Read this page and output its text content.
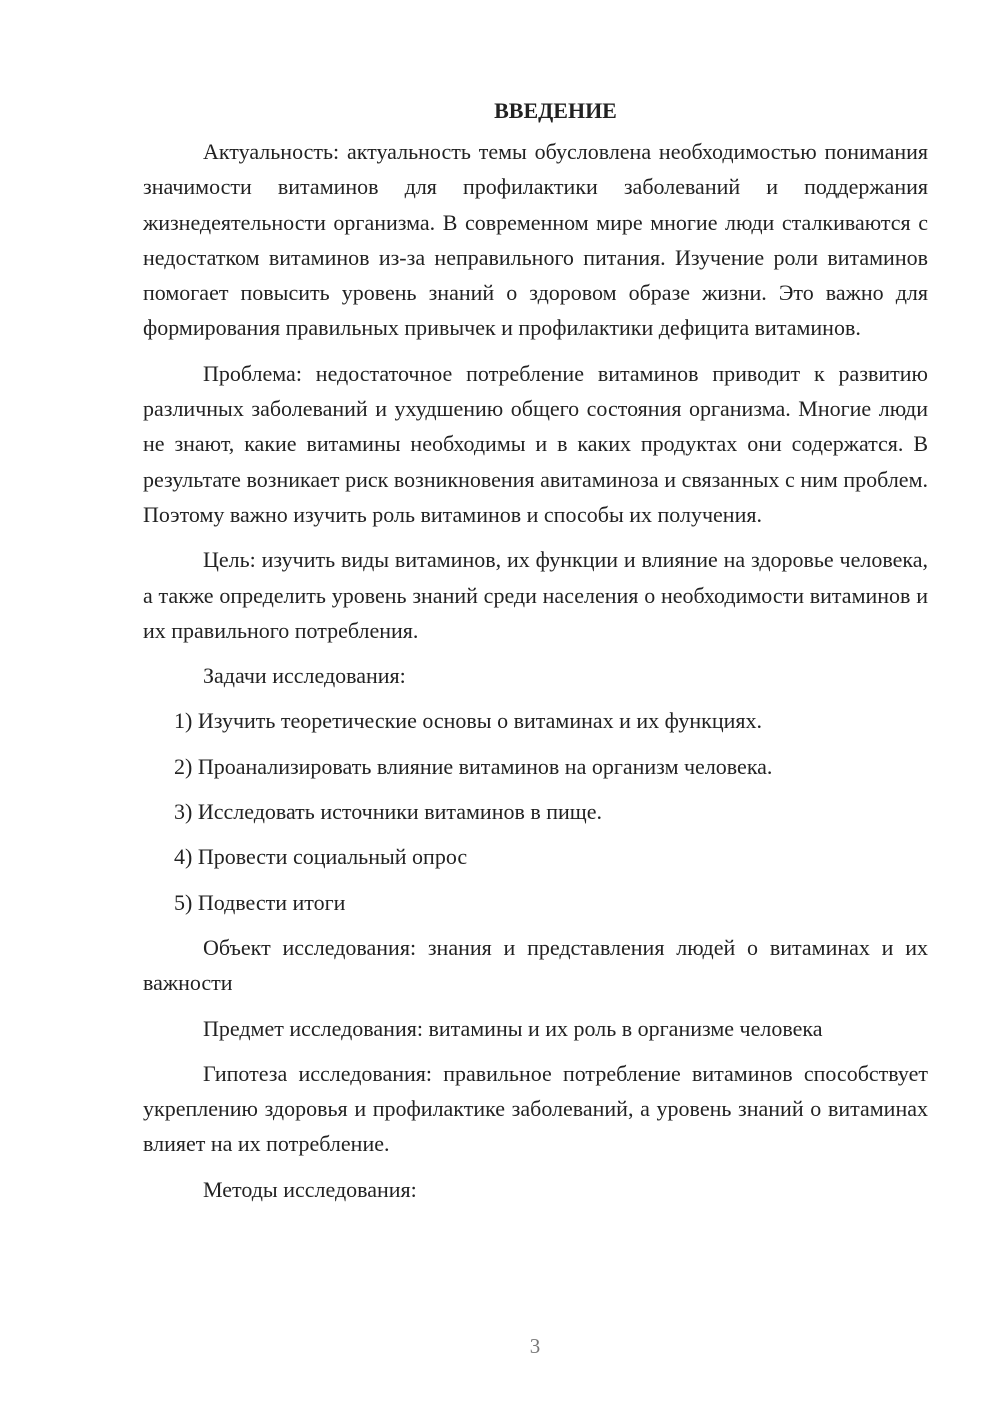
ВВЕДЕНИЕ

Актуальность: актуальность темы обусловлена необходимостью понимания значимости витаминов для профилактики заболеваний и поддержания жизнедеятельности организма. В современном мире многие люди сталкиваются с недостатком витаминов из-за неправильного питания. Изучение роли витаминов помогает повысить уровень знаний о здоровом образе жизни. Это важно для формирования правильных привычек и профилактики дефицита витаминов.

Проблема: недостаточное потребление витаминов приводит к развитию различных заболеваний и ухудшению общего состояния организма. Многие люди не знают, какие витамины необходимы и в каких продуктах они содержатся. В результате возникает риск возникновения авитаминоза и связанных с ним проблем. Поэтому важно изучить роль витаминов и способы их получения.

Цель: изучить виды витаминов, их функции и влияние на здоровье человека, а также определить уровень знаний среди населения о необходимости витаминов и их правильного потребления.

Задачи исследования:

1) Изучить теоретические основы о витаминах и их функциях.

2) Проанализировать влияние витаминов на организм человека.

3) Исследовать источники витаминов в пище.

4) Провести социальный опрос

5) Подвести итоги

Объект исследования: знания и представления людей о витаминах и их важности

Предмет исследования: витамины и их роль в организме человека

Гипотеза исследования: правильное потребление витаминов способствует укреплению здоровья и профилактике заболеваний, а уровень знаний о витаминах влияет на их потребление.

Методы исследования:

3
